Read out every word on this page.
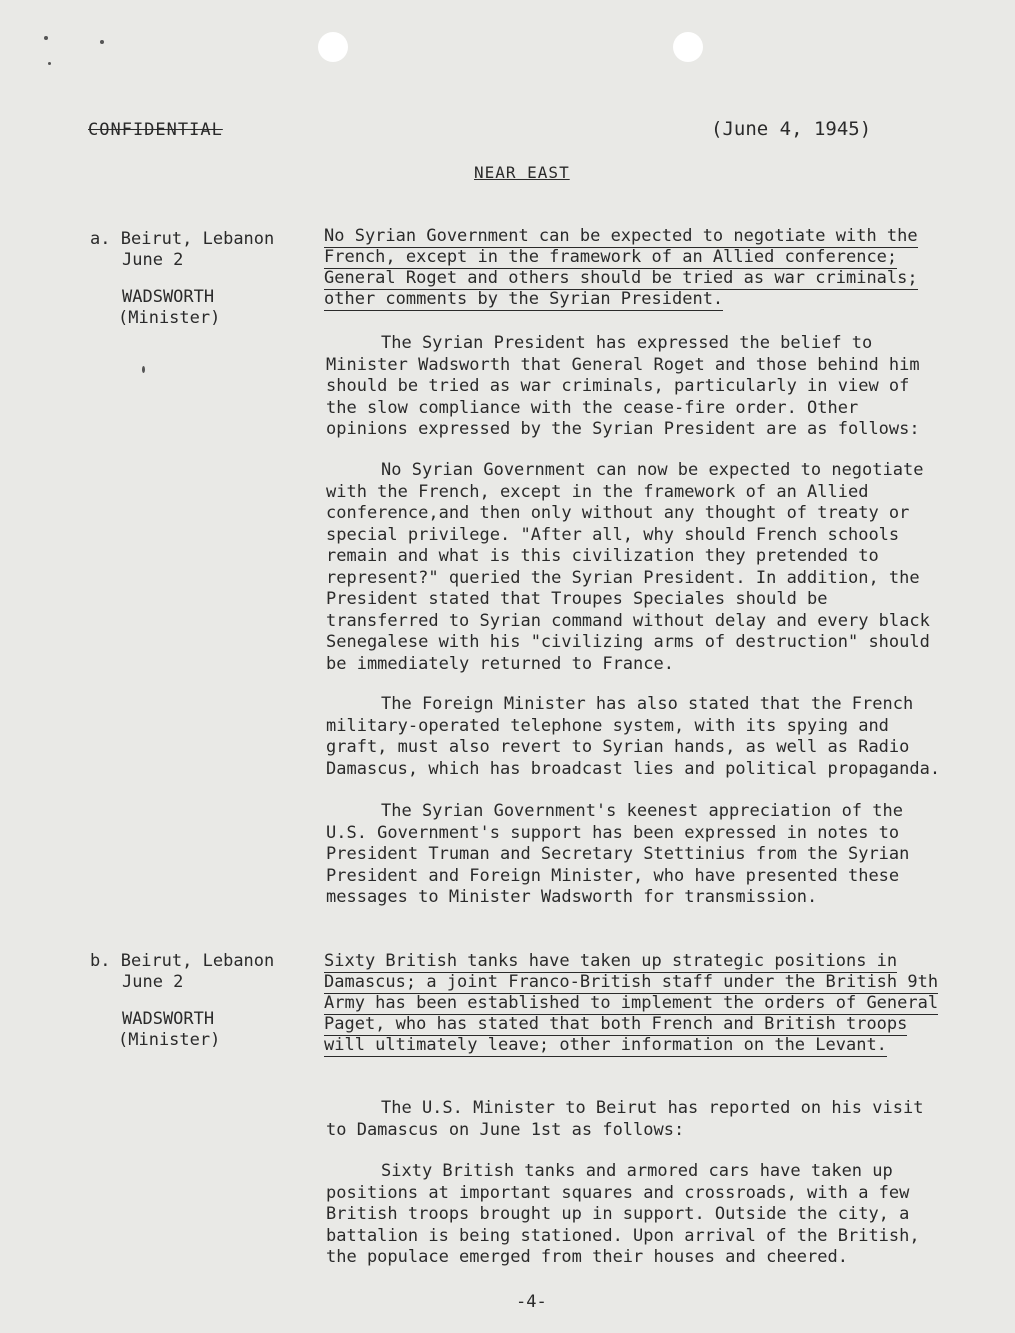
CONFIDENTIAL	(June 4, 1945)
NEAR EAST
a. Beirut, Lebanon
June 2
WADSWORTH
(Minister)

No Syrian Government can be expected to negotiate with the French, except in the framework of an Allied conference; General Roget and others should be tried as war criminals; other comments by the Syrian President.

The Syrian President has expressed the belief to Minister Wadsworth that General Roget and those behind him should be tried as war criminals, particularly in view of the slow compliance with the cease-fire order. Other opinions expressed by the Syrian President are as follows:

No Syrian Government can now be expected to negotiate with the French, except in the framework of an Allied conference,and then only without any thought of treaty or special privilege. "After all, why should French schools remain and what is this civilization they pretended to represent?" queried the Syrian President. In addition, the President stated that Troupes Speciales should be transferred to Syrian command without delay and every black Senegalese with his "civilizing arms of destruction" should be immediately returned to France.

The Foreign Minister has also stated that the French military-operated telephone system, with its spying and graft, must also revert to Syrian hands, as well as Radio Damascus, which has broadcast lies and political propaganda.

The Syrian Government's keenest appreciation of the U.S. Government's support has been expressed in notes to President Truman and Secretary Stettinius from the Syrian President and Foreign Minister, who have presented these messages to Minister Wadsworth for transmission.

b. Beirut, Lebanon
June 2
WADSWORTH
(Minister)

Sixty British tanks have taken up strategic positions in Damascus; a joint Franco-British staff under the British 9th Army has been established to implement the orders of General Paget, who has stated that both French and British troops will ultimately leave; other information on the Levant.

The U.S. Minister to Beirut has reported on his visit to Damascus on June 1st as follows:

Sixty British tanks and armored cars have taken up positions at important squares and crossroads, with a few British troops brought up in support. Outside the city, a battalion is being stationed. Upon arrival of the British, the populace emerged from their houses and cheered.

-4-
